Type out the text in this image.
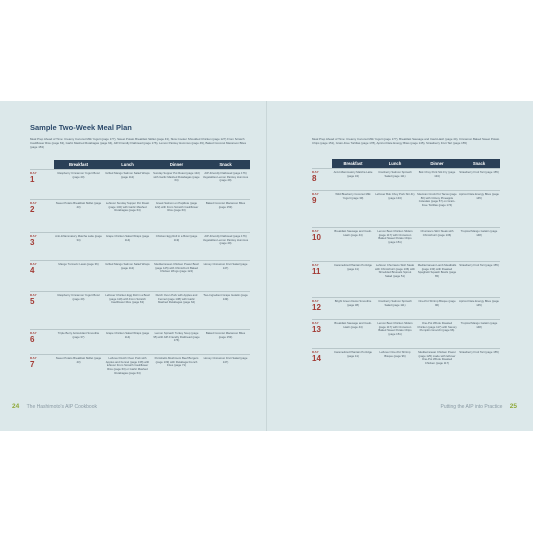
Sample Two-Week Meal Plan
Meal Prep Ahead of Time: Creamy Coconut Milk Yogurt (page 177), Sweet Potato Breakfast Skillet (page 43), Slow Cooker Shredded Chicken (page 127) From Scratch Cauliflower Rice (page 63), Garlic Mashed Rutabagas (page 64), AIP-Friendly Flatbread (page 176), Lemon Parsley Hummus (page 49), Baked Coconut Macaroon Bites (page 153)
	Breakfast	Lunch	Dinner	Snack

DAY
1	Raspberry Cinnamon Yogurt Bowl (page 40)	Grilled Mango Salmon Salad Wraps (page 112)	Sunday Supper Pot Roast (page 132) with Garlic Mashed Rutabagas (page 64)	AIP-Friendly Flatbread (page 176) Vegetables Lemon Parsley Hummus (page 49)

DAY
2	Sweet Potato Breakfast Skillet (page 43)	Leftover Sunday Supper Pot Roast (page 132) with Garlic Mashed Rutabagas (page 64)	Greek Salmon en Papillote (page 122) with From Scratch Cauliflower Rice (page 63)	Baked Coconut Macaroon Bites (page 153)

DAY
3	Anti-Inflammatory Matcha Latte (page 34)	Grape Chicken Salad Wraps (page 114)	Chicken Egg Roll in a Bowl (page 119)	AIP-Friendly Flatbread (page 176) Vegetables Lemon Parsley Hummus (page 49)

DAY
4	Mango Turmeric Lassi (page 36)	Grilled Mango Salmon Salad Wraps (page 112)	Mediterranean Chicken Power Bowl (page 125) with Chimichurri Baked Chicken Wings (page 124)	Honey Cinnamon Fruit Salad (page 147)

DAY
5	Raspberry Cinnamon Yogurt Bowl (page 40)	Leftover Chicken Egg Roll in a Bowl (page 119) with From Scratch Cauliflower Rice (page 63)	Dutch Oven Pork with Apples and Fennel (page 138) with Garlic Mashed Rutabagas (page 64)	Two-Ingredient Grape Gelatin (page 149)

DAY
6	Triple Berry Antioxidant Smoothie (page 37)	Grape Chicken Salad Wraps (page 114)	Lemon Spinach Turkey Soup (page 95) with AIP-Friendly Flatbread (page 176)	Baked Coconut Macaroon Bites (page 153)

DAY
7	Sweet Potato Breakfast Skillet (page 43)	Leftover Dutch Oven Pork with Apples and Fennel (page 138) with leftover From Scratch Cauliflower Rice (page 63) or Garlic Mashed Rutabagas (page 64)	Portobello Mushroom Beef Burgers (page 139) with Rutabaga French Fries (page 71)	Honey Cinnamon Fruit Salad (page 147)
24 The Hashimoto's AIP Cookbook
Meal Prep Ahead of Time: Creamy Coconut Milk Yogurt (page 177), Breakfast Sausage and Cauli-Hash (page 44), Cinnamon Baked Sweet Potato Chips (page 151), Grain-Free Tortillas (page 178), Apricot Date Energy Bites (page 145), Strawberry Fruit Tart (page 155)
	Breakfast	Lunch	Dinner	Snack

DAY
8	Anti-Inflammatory Matcha Latte (page 34)	Cranberry Salmon Spinach Salad (page 111)	Bok Choy Pork Stir-Fry (page 134)	Strawberry Fruit Tart (page 155)

DAY
9	Wild Blueberry Coconut Milk Yogurt (page 39)	Leftover Bok Choy Pork Stir-Fry (page 134)	Mexican Crock Pot Tacos (page 80) with Citrusy Pineapple Coleslaw (page 57) on Grain-Free Tortillas (page 174)	Apricot Date Energy Bites (page 145)

DAY
10	Breakfast Sausage and Cauli-Hash (page 44)	Lemon Beet Chicken Sliders (page 117) with Cinnamon Baked Sweet Potato Chips (page 151)	Churrasco Skirt Steak with Chimichurri (page 136)	Tropical Mango Gelatin (page 148)

DAY
11	Caramelized Plantain Porridge (page 41)	Leftover Churrasco Skirt Steak with Chimichurri (page 136) with Shredded Brussels Sprout Salad (page 51)	Mediterranean Lamb Meatballs (page 133) with Roasted Spaghetti Squash Bowls (page 65)	Strawberry Fruit Tart (page 155)

DAY
12	Bright Green Detox Smoothie (page 38)	Cranberry Salmon Spinach Salad (page 111)	One-Pot Shrimp Bisque (page 96)	Apricot Date Energy Bites (page 145)

DAY
13	Breakfast Sausage and Cauli-Hash (page 44)	Lemon Beet Chicken Sliders (page 117) with Cinnamon Baked Sweet Potato Chips (page 151)	One-Pot Whole Roasted Chicken (page 117) with Savory Pumpkin Gnocchi (page 96)	Tropical Mango Gelatin (page 148)

DAY
14	Caramelized Plantain Porridge (page 41)	Leftover One-Pot Shrimp Bisque (page 96)	Mediterranean Chicken Power (page 125) made with leftover One-Pot Whole Roasted Chicken (page 117)	Strawberry Fruit Tart (page 155)
Putting the AIP into Practice 25
